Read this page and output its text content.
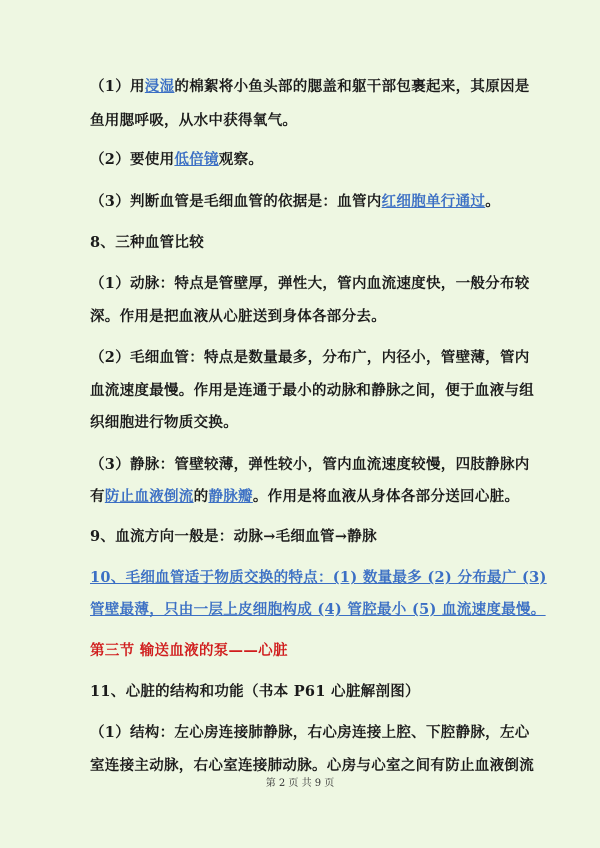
（1）用浸湿的棉絮将小鱼头部的腮盖和躯干部包裹起来，其原因是
鱼用腮呼吸，从水中获得氧气。
（2）要使用低倍镜观察。
（3）判断血管是毛细血管的依据是：血管内红细胞单行通过。
8、三种血管比较
（1）动脉：特点是管壁厚，弹性大，管内血流速度快，一般分布较
深。作用是把血液从心脏送到身体各部分去。
（2）毛细血管：特点是数量最多，分布广，内径小，管壁薄，管内
血流速度最慢。作用是连通于最小的动脉和静脉之间，便于血液与组
织细胞进行物质交换。
（3）静脉：管壁较薄，弹性较小，管内血流速度较慢，四肢静脉内
有防止血液倒流的静脉瓣。作用是将血液从身体各部分送回心脏。
9、血流方向一般是：动脉→毛细血管→静脉
10、毛细血管适于物质交换的特点：(1) 数量最多 (2) 分布最广 (3)
管壁最薄，只由一层上皮细胞构成 (4) 管腔最小 (5) 血流速度最慢。
第三节 输送血液的泵——心脏
11、心脏的结构和功能（书本 P61 心脏解剖图）
（1）结构：左心房连接肺静脉，右心房连接上腔、下腔静脉，左心
室连接主动脉，右心室连接肺动脉。心房与心室之间有防止血液倒流
第 2 页 共 9 页
